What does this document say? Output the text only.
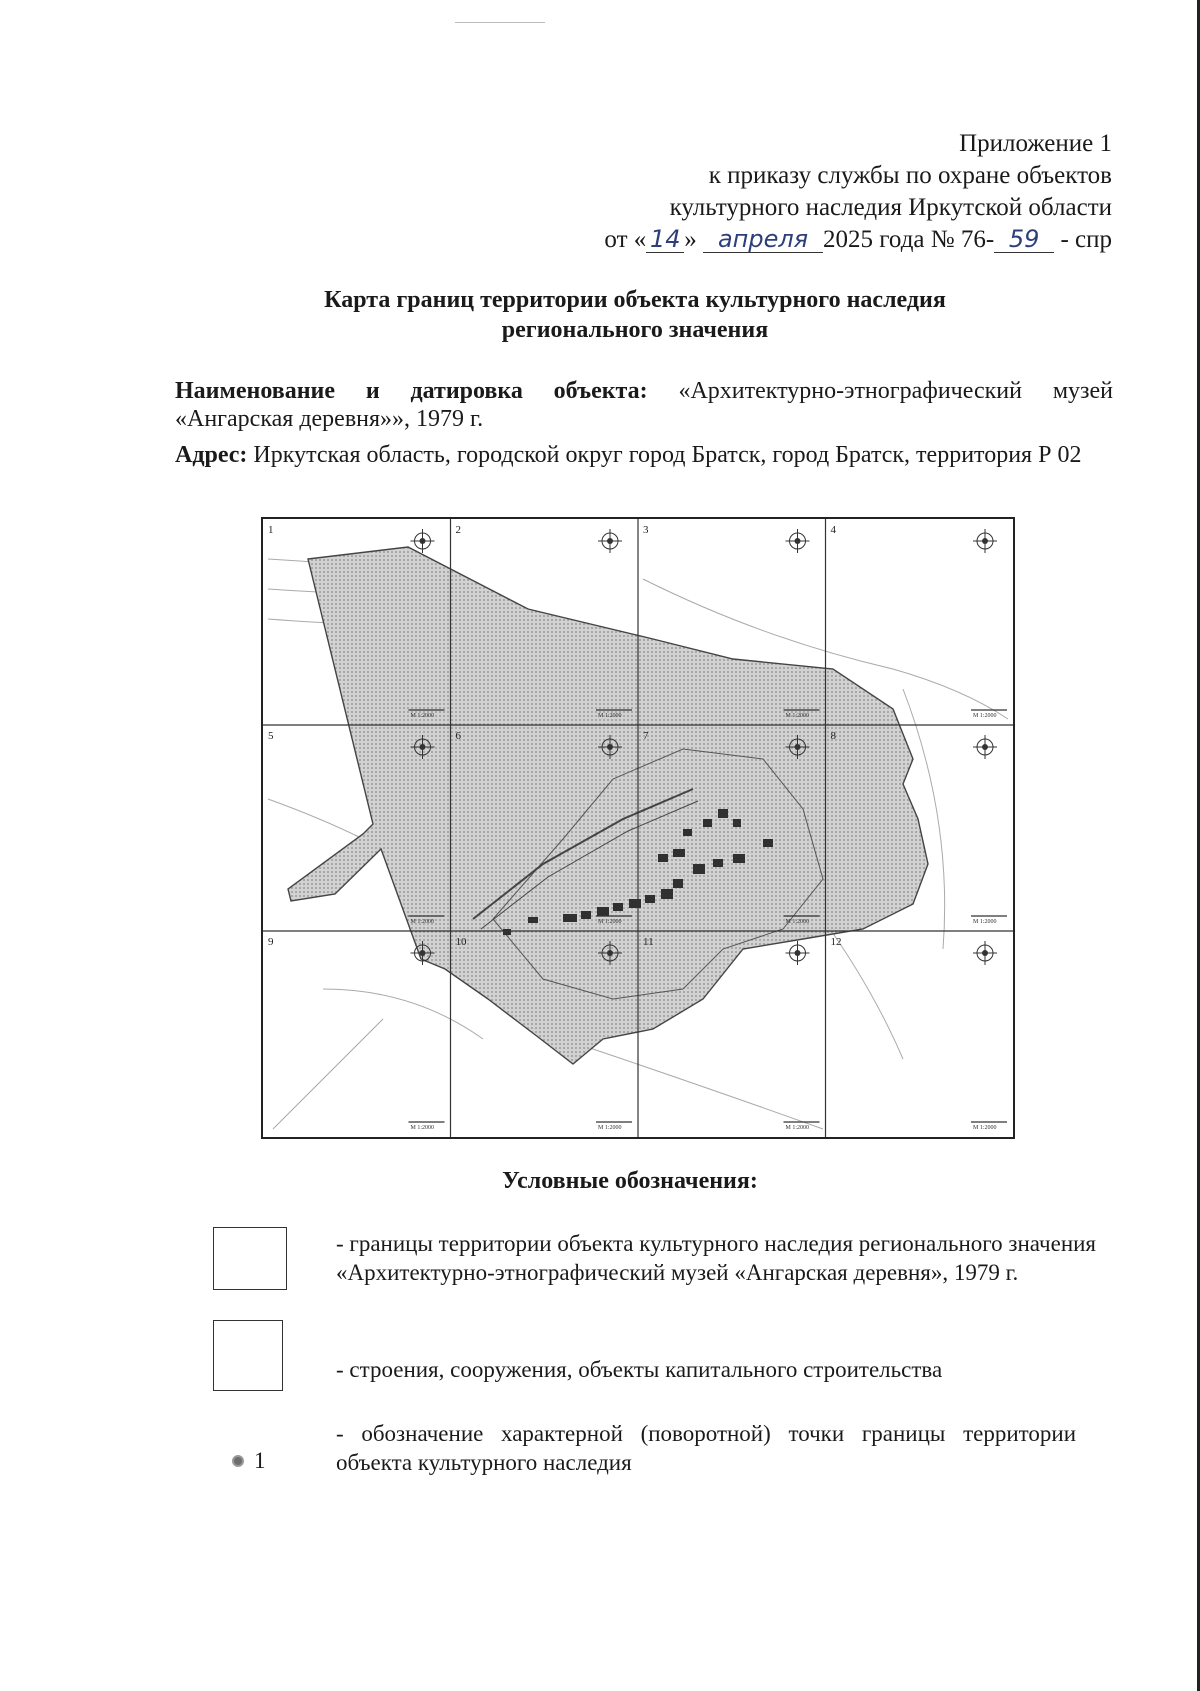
Приложение 1
к приказу службы по охране объектов
культурного наследия Иркутской области
от « 14 » апреля 2025 года № 76- 59 - спр
Карта границ территории объекта культурного наследия
регионального значения
Наименование и датировка объекта: «Архитектурно-этнографический музей «Ангарская деревня»», 1979 г.
Адрес: Иркутская область, городской округ город Братск, город Братск, территория Р 02
1
М 1:2000
2
М 1:2000
3
М 1:2000
4
М 1:2000
5
М 1:2000
6
М 1:2000
7
М 1:2000
8
М 1:2000
9
М 1:2000
10
М 1:2000
11
М 1:2000
12
М 1:2000
Условные обозначения:
- границы территории объекта культурного наследия регионального значения «Архитектурно-этнографический музей «Ангарская деревня», 1979 г.
- строения, сооружения, объекты капитального строительства
- обозначение характерной (поворотной) точки границы территории объекта культурного наследия
1
